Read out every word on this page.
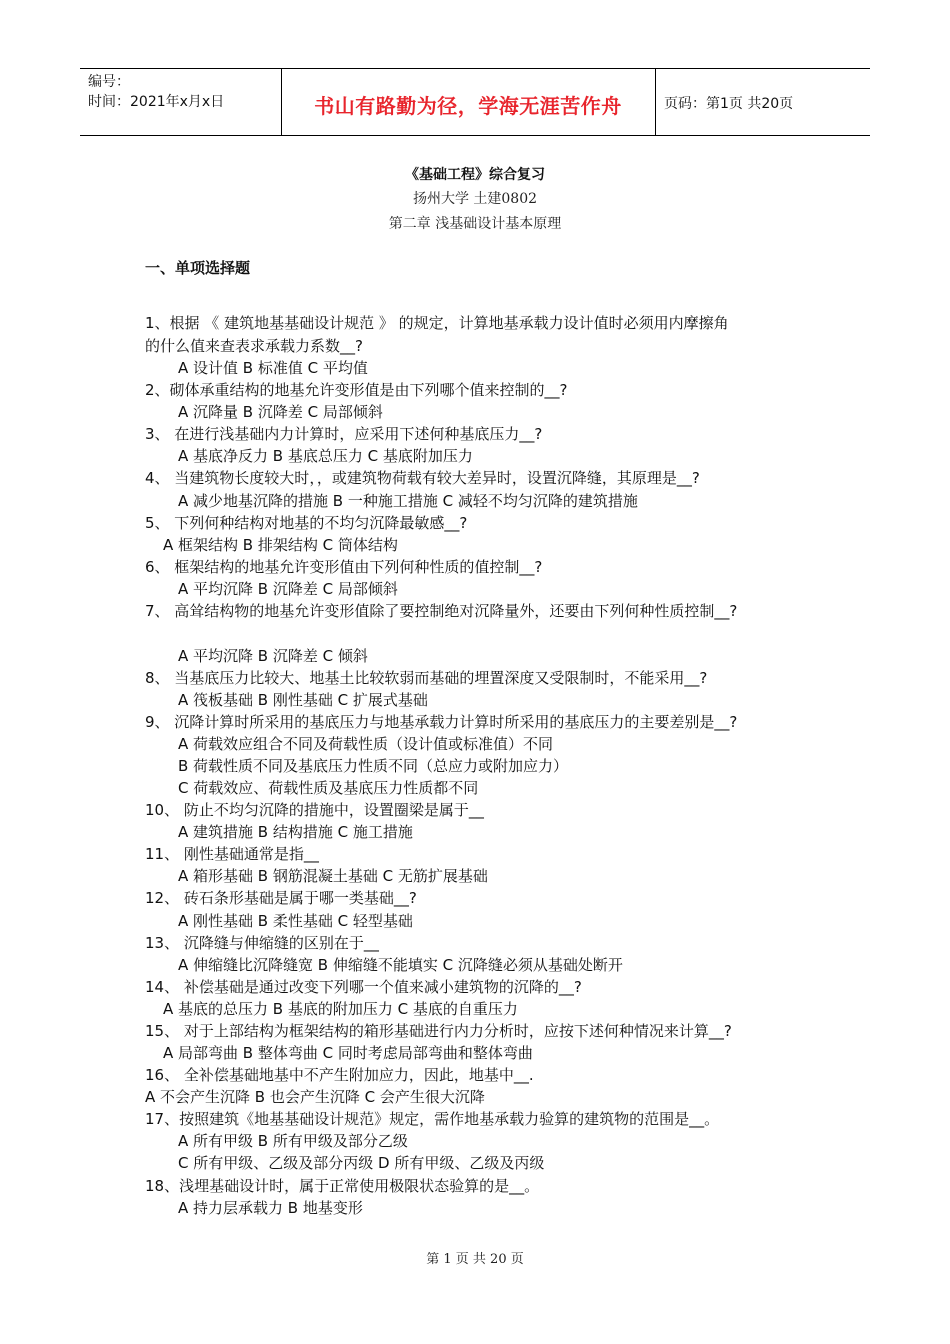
编号：
时间：2021年x月x日	书山有路勤为径，学海无涯苦作舟	页码：第1页 共20页
《基础工程》综合复习
扬州大学 土建0802
第二章 浅基础设计基本原理
一、单项选择题
1、根据 《 建筑地基基础设计规范 》 的规定，计算地基承载力设计值时必须用内摩擦角
的什么值来查表求承载力系数__?
A 设计值 B 标准值 C 平均值
2、砌体承重结构的地基允许变形值是由下列哪个值来控制的__?
A 沉降量 B 沉降差 C 局部倾斜
3、 在进行浅基础内力计算时，应采用下述何种基底压力__?
A 基底净反力 B 基底总压力 C 基底附加压力
4、 当建筑物长度较大时，，或建筑物荷载有较大差异时，设置沉降缝，其原理是__?
A 减少地基沉降的措施 B 一种施工措施 C 减轻不均匀沉降的建筑措施
5、 下列何种结构对地基的不均匀沉降最敏感__?
A 框架结构 B 排架结构 C 筒体结构
6、 框架结构的地基允许变形值由下列何种性质的值控制__?
A 平均沉降 B 沉降差 C 局部倾斜
7、 高耸结构物的地基允许变形值除了要控制绝对沉降量外，还要由下列何种性质控制__?
A 平均沉降 B 沉降差 C 倾斜
8、 当基底压力比较大、地基土比较软弱而基础的埋置深度又受限制时，不能采用__?
A 筏板基础 B 刚性基础 C 扩展式基础
9、 沉降计算时所采用的基底压力与地基承载力计算时所采用的基底压力的主要差别是__?
A 荷载效应组合不同及荷载性质（设计值或标准值）不同
B 荷载性质不同及基底压力性质不同（总应力或附加应力）
C 荷载效应、荷载性质及基底压力性质都不同
10、 防止不均匀沉降的措施中，设置圈梁是属于__
A 建筑措施 B 结构措施 C 施工措施
11、 刚性基础通常是指__
A 箱形基础 B 钢筋混凝土基础 C 无筋扩展基础
12、 砖石条形基础是属于哪一类基础__?
A 刚性基础 B 柔性基础 C 轻型基础
13、 沉降缝与伸缩缝的区别在于__
A 伸缩缝比沉降缝宽 B 伸缩缝不能填实 C 沉降缝必须从基础处断开
14、 补偿基础是通过改变下列哪一个值来减小建筑物的沉降的__?
A 基底的总压力 B 基底的附加压力 C 基底的自重压力
15、 对于上部结构为框架结构的箱形基础进行内力分析时，应按下述何种情况来计算__?
A 局部弯曲 B 整体弯曲 C 同时考虑局部弯曲和整体弯曲
16、 全补偿基础地基中不产生附加应力，因此，地基中__.
A 不会产生沉降 B 也会产生沉降 C 会产生很大沉降
17、按照建筑《地基基础设计规范》规定，需作地基承载力验算的建筑物的范围是__。
A 所有甲级 B 所有甲级及部分乙级
C 所有甲级、乙级及部分丙级 D 所有甲级、乙级及丙级
18、浅埋基础设计时，属于正常使用极限状态验算的是__。
A 持力层承载力 B 地基变形
第 1 页 共 20 页
